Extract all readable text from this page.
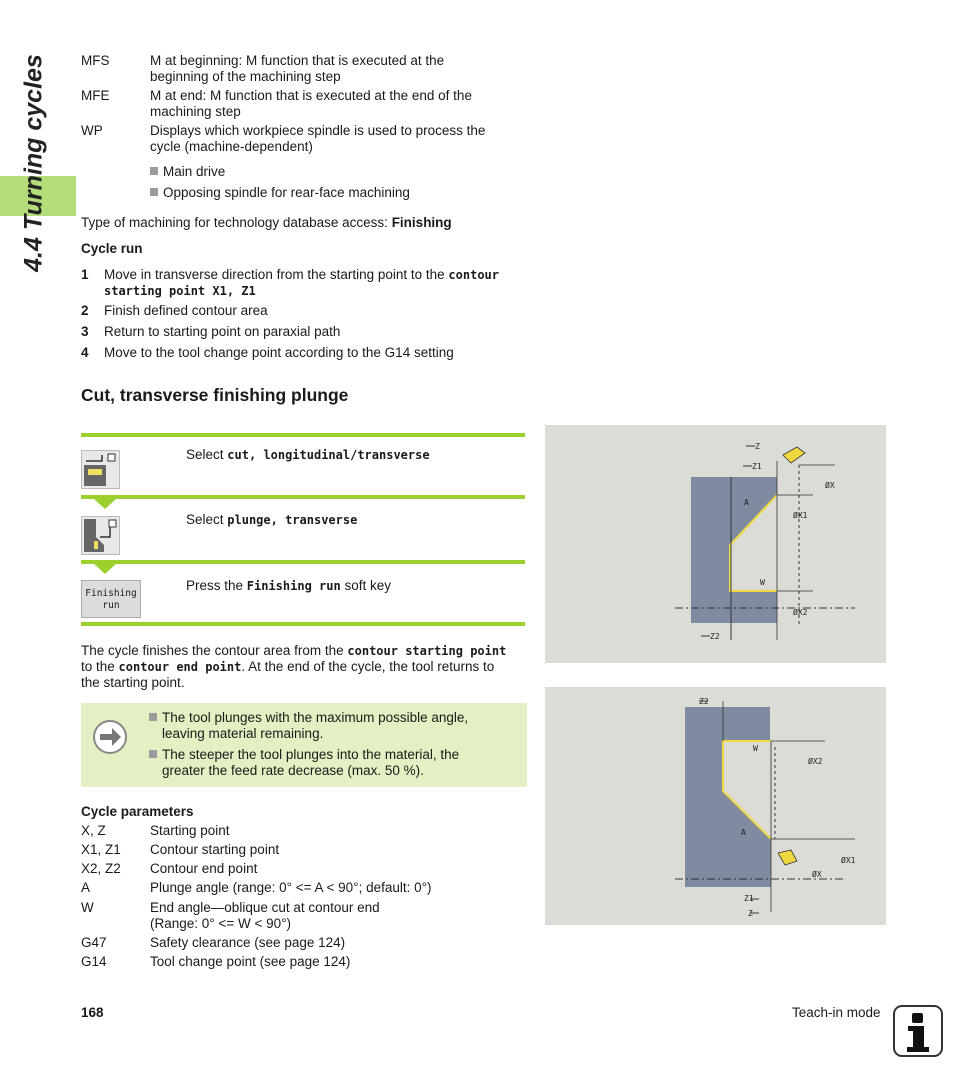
4.4 Turning cycles MFS	M at beginning: M function that is executed at the
beginning of the machining step
MFE	M at end: M function that is executed at the end of the
machining step
WP	Displays which workpiece spindle is used to process the
cycle (machine-dependent)
Main drive
Opposing spindle for rear-face machining
Type of machining for technology database access: Finishing
Cycle run
1 Move in transverse direction from the starting point to the contour
starting point X1, Z1
2 Finish defined contour area
3 Return to starting point on paraxial path
4 Move to the tool change point according to the G14 setting
Cut, transverse finishing plunge
Select cut, longitudinal/transverse
Select plunge, transverse
Finishing
run
Press the Finishing run soft key
The cycle finishes the contour area from the contour starting point
to the contour end point. At the end of the cycle, the tool returns to
the starting point.
The tool plunges with the maximum possible angle,
leaving material remaining.
The steeper the tool plunges into the material, the
greater the feed rate decrease (max. 50 %).
Cycle parameters
X, Z	Starting point
X1, Z1 Contour starting point
X2, Z2 Contour end point
A	Plunge angle (range: 0° <= A < 90°; default: 0°)
W	End angle—oblique cut at contour end
(Range: 0° <= W < 90°)
G47	Safety clearance (see page 124)
G14	Tool change point (see page 124)
Z
Z1
Z2
ØX
ØX1
ØX2
A
W
Z2
Z1
Z
ØX2
ØX1
ØX
A
W
168	Teach-in mode
